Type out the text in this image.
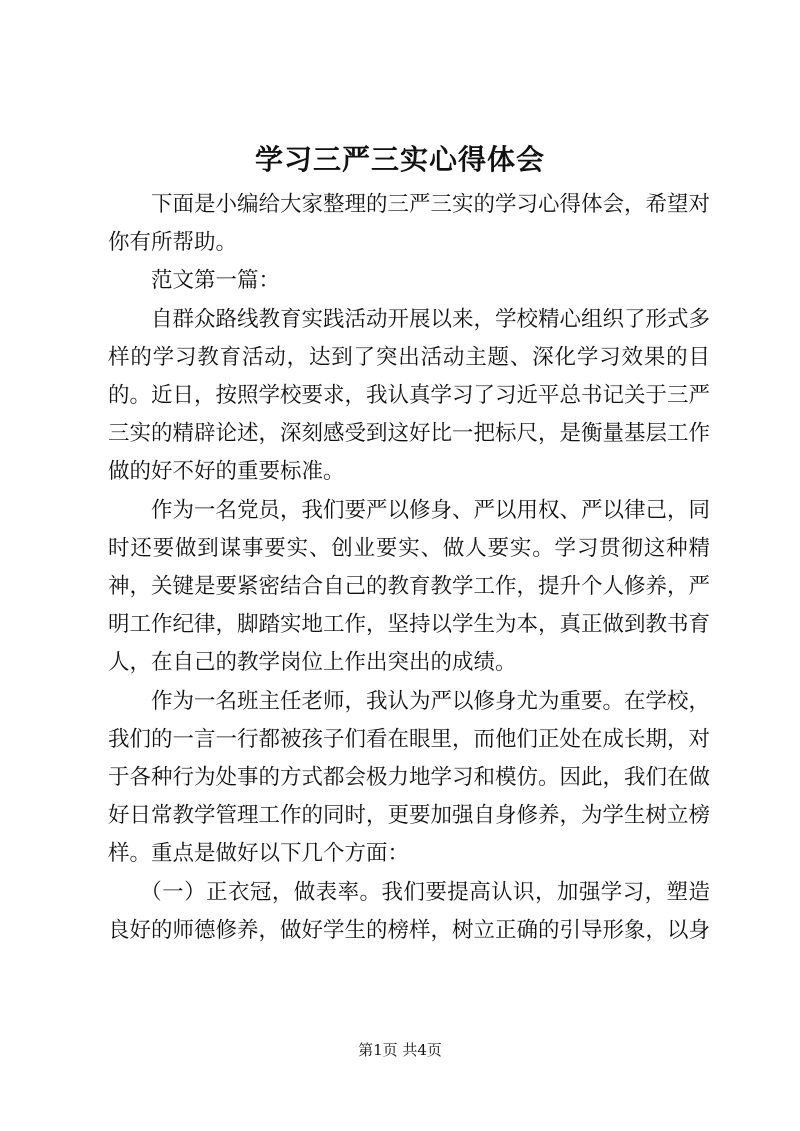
学习三严三实心得体会

下面是小编给大家整理的三严三实的学习心得体会，希望对你有所帮助。

范文第一篇：

自群众路线教育实践活动开展以来，学校精心组织了形式多样的学习教育活动，达到了突出活动主题、深化学习效果的目的。近日，按照学校要求，我认真学习了习近平总书记关于三严三实的精辟论述，深刻感受到这好比一把标尺，是衡量基层工作做的好不好的重要标准。

作为一名党员，我们要严以修身、严以用权、严以律己，同时还要做到谋事要实、创业要实、做人要实。学习贯彻这种精神，关键是要紧密结合自己的教育教学工作，提升个人修养，严明工作纪律，脚踏实地工作，坚持以学生为本，真正做到教书育人，在自己的教学岗位上作出突出的成绩。

作为一名班主任老师，我认为严以修身尤为重要。在学校，我们的一言一行都被孩子们看在眼里，而他们正处在成长期，对于各种行为处事的方式都会极力地学习和模仿。因此，我们在做好日常教学管理工作的同时，更要加强自身修养，为学生树立榜样。重点是做好以下几个方面：

（一）正衣冠，做表率。我们要提高认识，加强学习，塑造良好的师德修养，做好学生的榜样，树立正确的引导形象，以身

第1页 共4页
